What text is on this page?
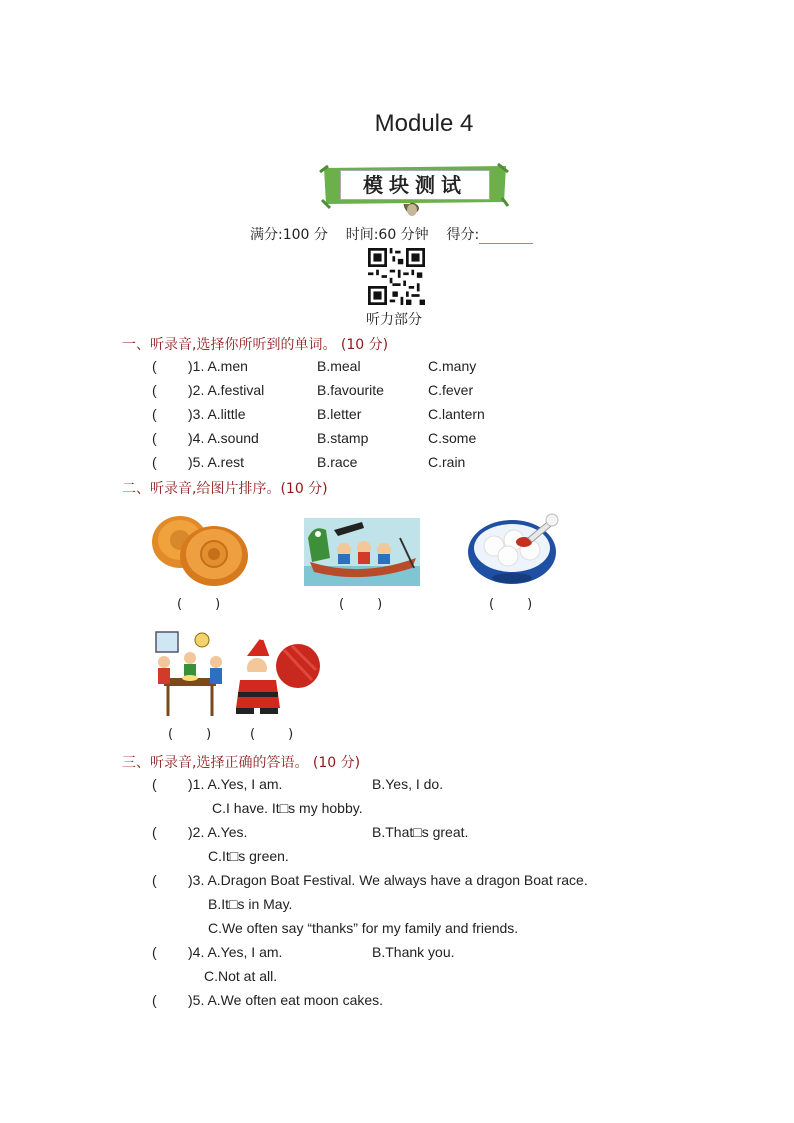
Module 4
模块测试
满分:100 分 时间:60 分钟 得分:
听力部分
一、听录音,选择你所听到的单词。 (10 分)
( )1. A.men	B.meal	C.many
( )2. A.festival	B.favourite	C.fever
( )3. A.little	B.letter	C.lantern
( )4. A.sound	B.stamp	C.some
( )5. A.rest	B.race	C.rain
二、听录音,给图片排序。(10 分)
(        )	(        )	(        )
(        )	(        )
三、听录音,选择正确的答语。 (10 分)
( )1. A.Yes, I am.	B.Yes, I do.
C.I have. It□s my hobby.
( )2. A.Yes.	B.That□s great.
C.It□s green.
( )3. A.Dragon Boat Festival. We always have a dragon Boat race.
B.It□s in May.
C.We often say “thanks” for my family and friends.
( )4. A.Yes, I am.	B.Thank you.
C.Not at all.
( )5. A.We often eat moon cakes.
